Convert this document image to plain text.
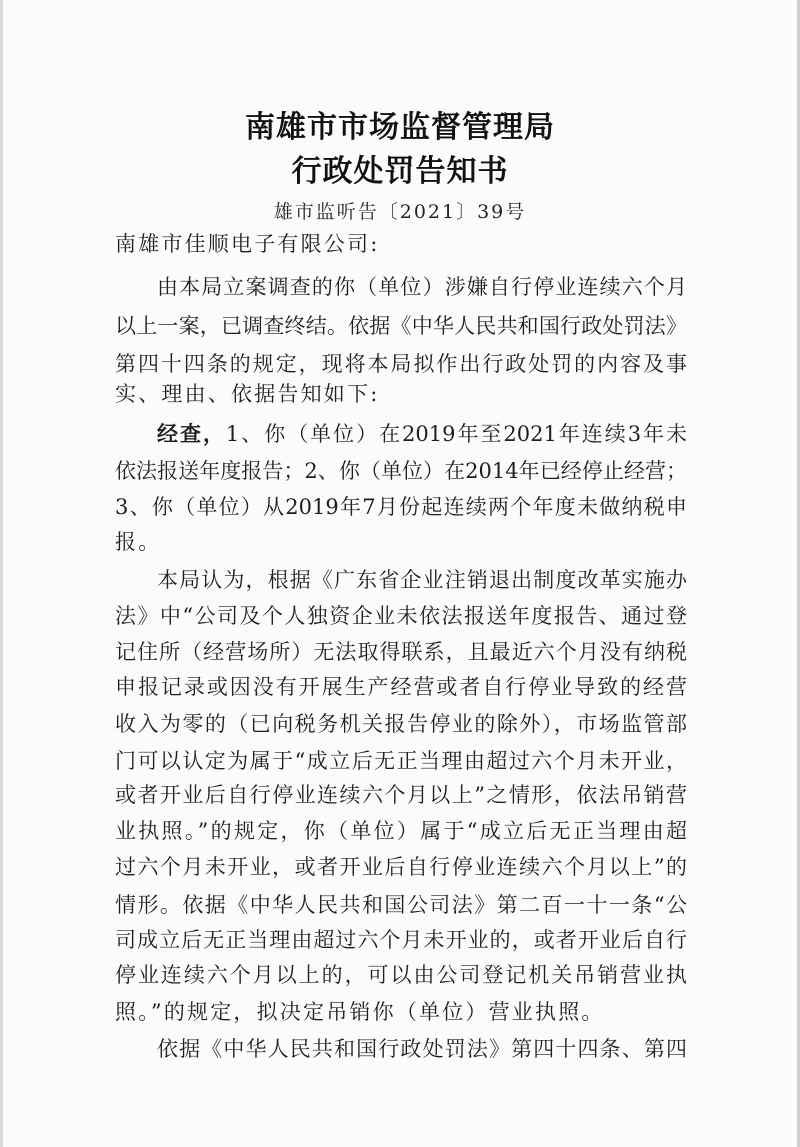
南雄市市场监督管理局
行政处罚告知书
雄市监听告〔2021〕39号
南雄市佳顺电子有限公司:
由本局立案调查的你（单位）涉嫌自行停业连续六个月
以上一案，已调查终结。依据《中华人民共和国行政处罚法》
第四十四条的规定，现将本局拟作出行政处罚的内容及事
实、理由、依据告知如下:
经查，1、你（单位）在2019年至2021年连续3年未
依法报送年度报告；2、你（单位）在2014年已经停止经营；
3、你（单位）从2019年7月份起连续两个年度未做纳税申
报。
本局认为，根据《广东省企业注销退出制度改革实施办
法》中“公司及个人独资企业未依法报送年度报告、通过登
记住所（经营场所）无法取得联系，且最近六个月没有纳税
申报记录或因没有开展生产经营或者自行停业导致的经营
收入为零的（已向税务机关报告停业的除外），市场监管部
门可以认定为属于“成立后无正当理由超过六个月未开业，
或者开业后自行停业连续六个月以上”之情形，依法吊销营
业执照。”的规定，你（单位）属于“成立后无正当理由超
过六个月未开业，或者开业后自行停业连续六个月以上”的
情形。依据《中华人民共和国公司法》第二百一十一条“公
司成立后无正当理由超过六个月未开业的，或者开业后自行
停业连续六个月以上的，可以由公司登记机关吊销营业执
照。”的规定，拟决定吊销你（单位）营业执照。
依据《中华人民共和国行政处罚法》第四十四条、第四
